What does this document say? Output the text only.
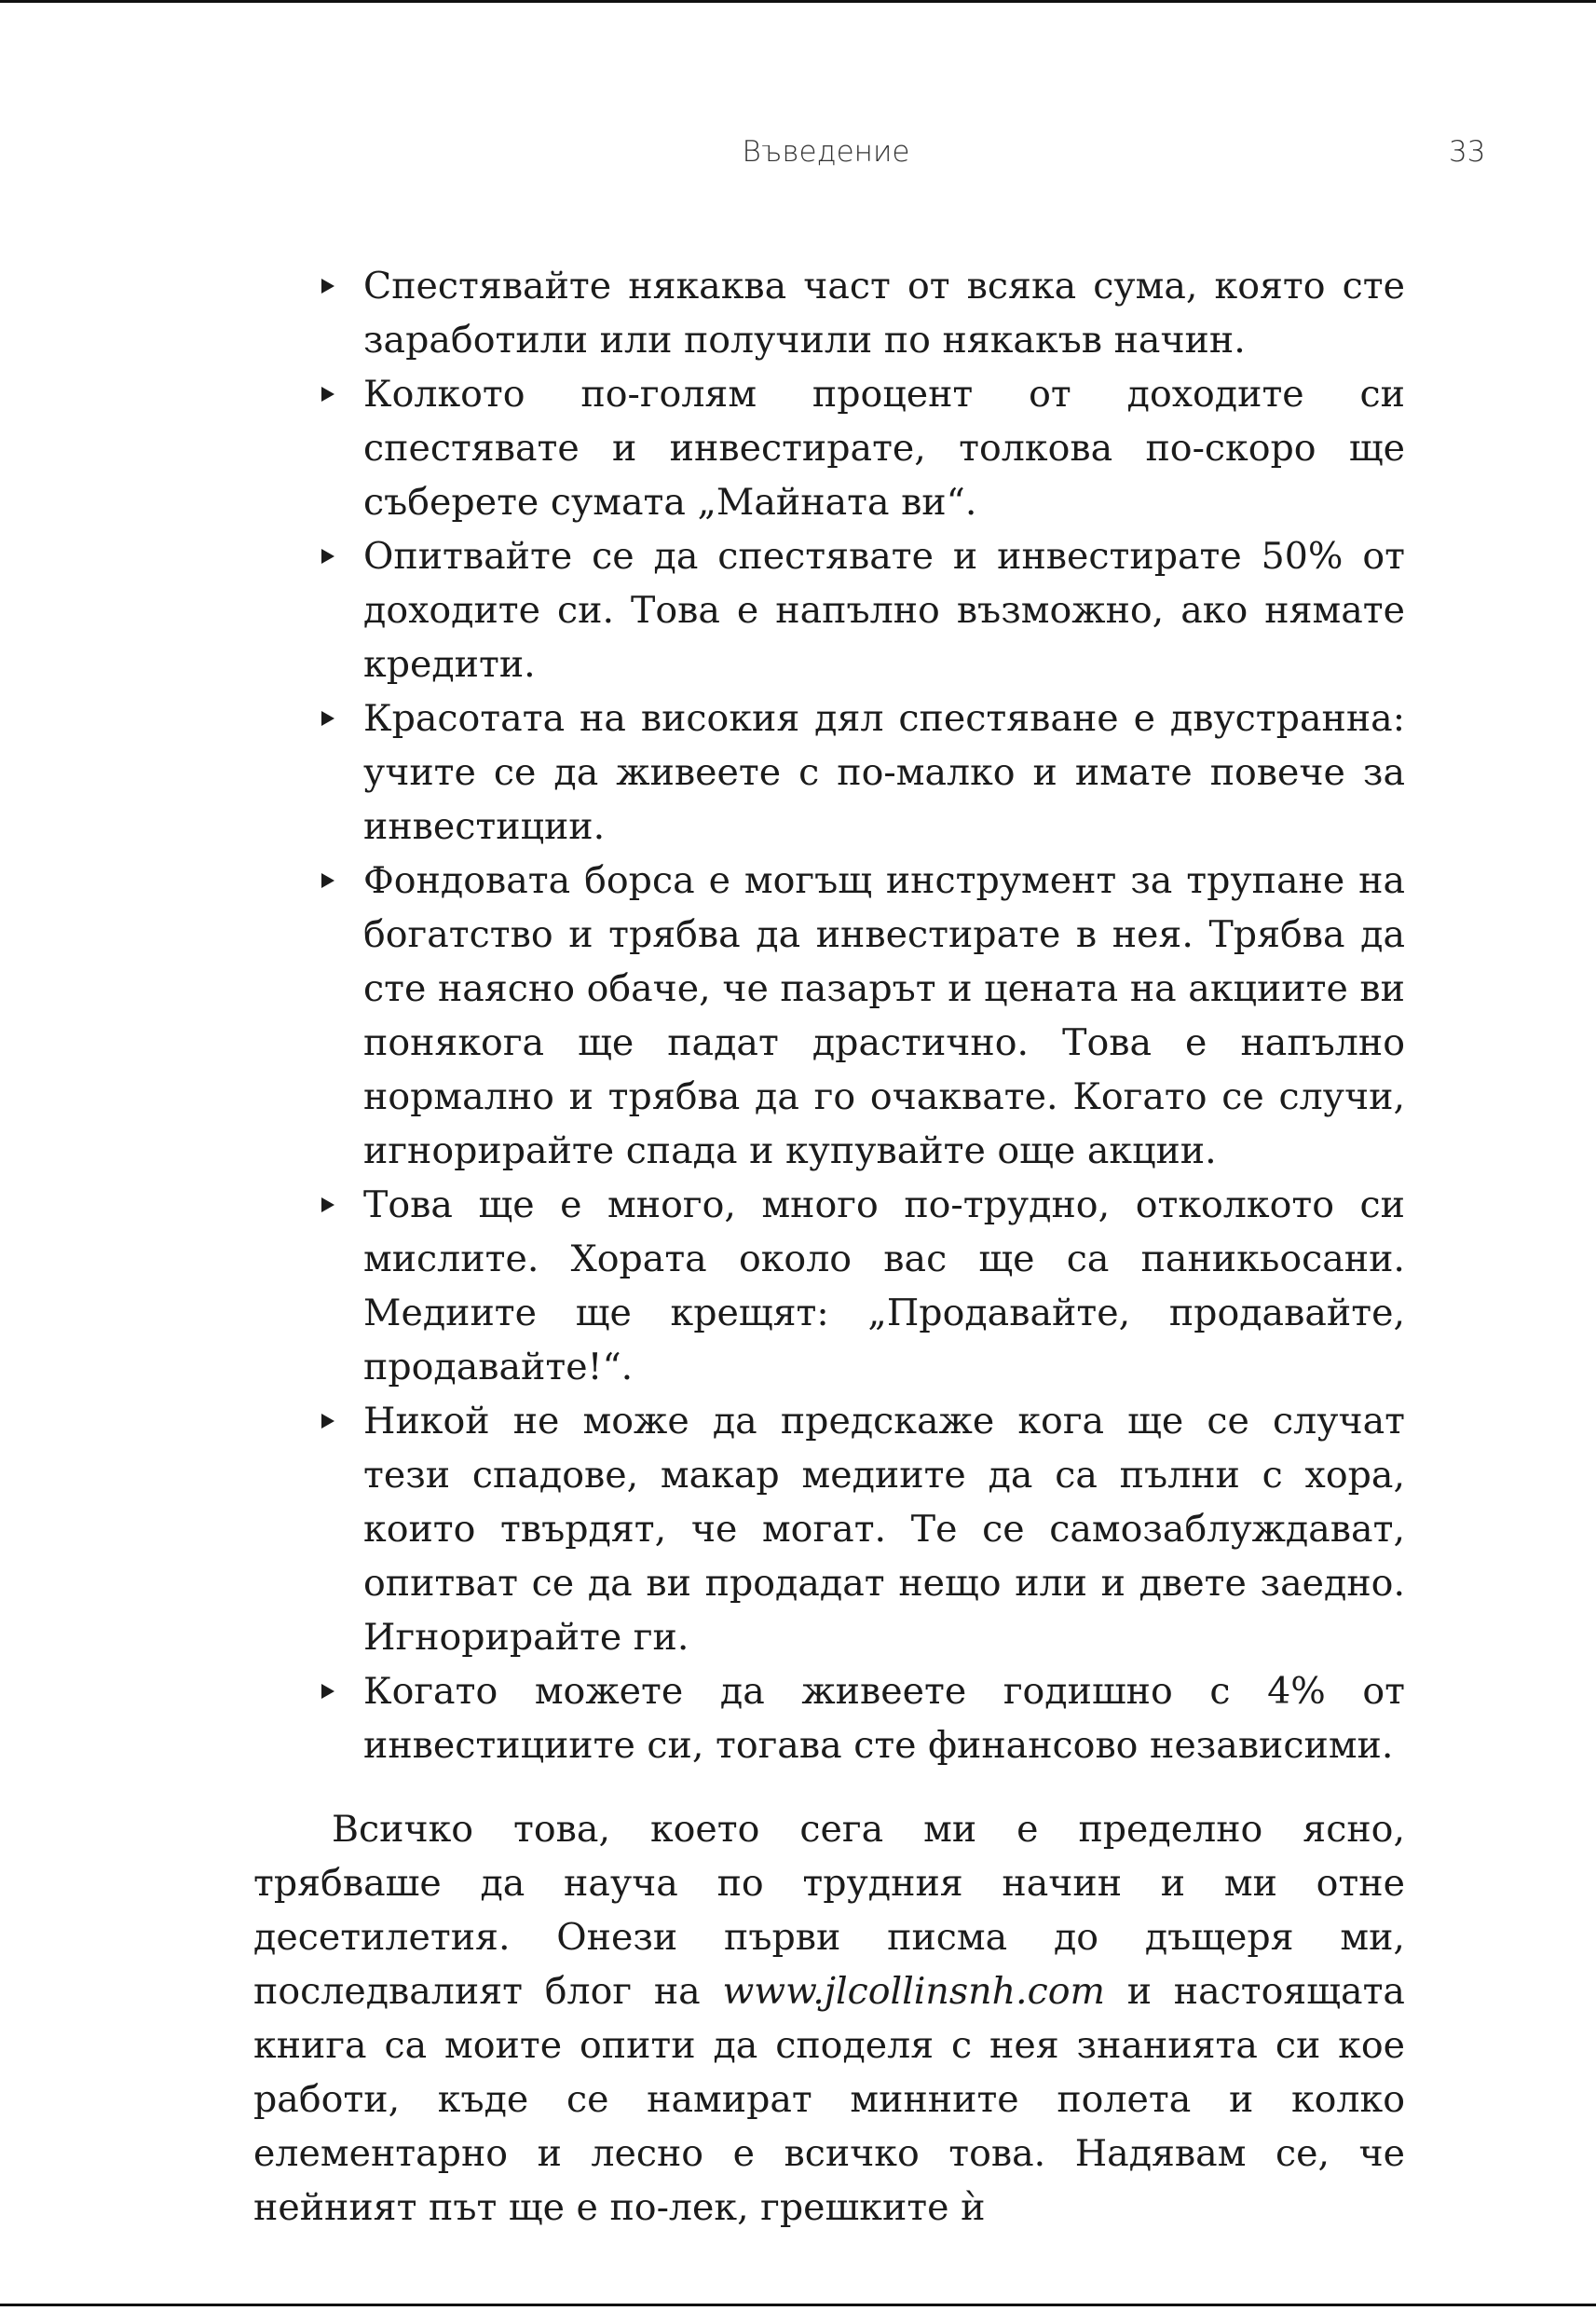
Въведение	33
Спестявайте някаква част от всяка сума, която сте заработили или получили по някакъв начин.
Колкото по-голям процент от доходите си спестявате и инвестирате, толкова по-скоро ще съберете сумата „Майната ви“.
Опитвайте се да спестявате и инвестирате 50% от доходите си. Това е напълно възможно, ако нямате кредити.
Красотата на високия дял спестяване е двустранна: учите се да живеете с по-малко и имате повече за инвестиции.
Фондовата борса е могъщ инструмент за трупане на богатство и трябва да инвестирате в нея. Трябва да сте наясно обаче, че пазарът и цената на акциите ви понякога ще падат драстично. Това е напълно нормално и трябва да го очаквате. Когато се случи, игнорирайте спада и купувайте още акции.
Това ще е много, много по-трудно, отколкото си мислите. Хората около вас ще са паникьосани. Медиите ще крещят: „Продавайте, продавайте, продавайте!“.
Никой не може да предскаже кога ще се случат тези спадове, макар медиите да са пълни с хора, които твърдят, че могат. Те се самозаблуждават, опитват се да ви продадат нещо или и двете заедно. Игнорирайте ги.
Когато можете да живеете годишно с 4% от инвестициите си, тогава сте финансово независими.

Всичко това, което сега ми е пределно ясно, трябваше да науча по трудния начин и ми отне десетилетия. Онези първи писма до дъщеря ми, последвалият блог на www.jlcollinsnh.com и настоящата книга са моите опити да споделя с нея знанията си кое работи, къде се намират минните полета и колко елементарно и лесно е всичко това. Надявам се, че нейният път ще е по-лек, грешките ѝ
